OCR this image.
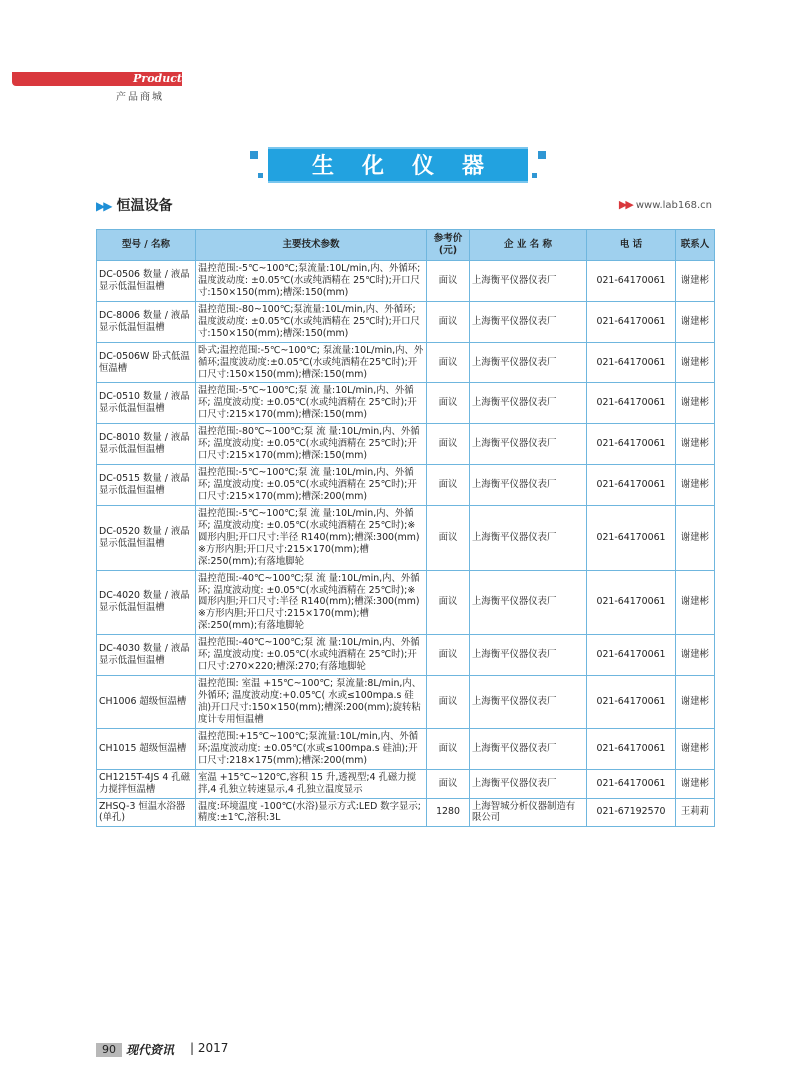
Product Store
产品商城
生化仪器
▶▶ 恒温设备	▶▶ www.lab168.cn
型号 / 名称	主要技术参数	参考价(元)	企 业 名 称	电 话	联系人
DC-0506 数量 / 液晶显示低温恒温槽	温控范围:-5℃~100℃;泵流量:10L/min,内、外循环; 温度波动度: ±0.05℃(水或纯酒精在 25℃时);开口尺寸:150×150(mm);槽深:150(mm)	面议	上海衡平仪器仪表厂	021-64170061	谢建彬
DC-8006 数量 / 液晶显示低温恒温槽	温控范围:-80~100℃;泵流量:10L/min,内、外循环; 温度波动度: ±0.05℃(水或纯酒精在 25℃时);开口尺寸:150×150(mm);槽深:150(mm)	面议	上海衡平仪器仪表厂	021-64170061	谢建彬
DC-0506W 卧式低温恒温槽	卧式;温控范围:-5℃~100℃; 泵流量:10L/min,内、外循环;温度波动度:±0.05℃(水或纯酒精在25℃时);开口尺寸:150×150(mm);槽深:150(mm)	面议	上海衡平仪器仪表厂	021-64170061	谢建彬
DC-0510 数量 / 液晶显示低温恒温槽	温控范围:-5℃~100℃;泵 流 量:10L/min,内、外循环; 温度波动度: ±0.05℃(水或纯酒精在 25℃时);开口尺寸:215×170(mm);槽深:150(mm)	面议	上海衡平仪器仪表厂	021-64170061	谢建彬
DC-8010 数量 / 液晶显示低温恒温槽	温控范围:-80℃~100℃;泵 流 量:10L/min,内、外循环; 温度波动度: ±0.05℃(水或纯酒精在 25℃时);开口尺寸:215×170(mm);槽深:150(mm)	面议	上海衡平仪器仪表厂	021-64170061	谢建彬
DC-0515 数量 / 液晶显示低温恒温槽	温控范围:-5℃~100℃;泵 流 量:10L/min,内、外循环; 温度波动度: ±0.05℃(水或纯酒精在 25℃时);开口尺寸:215×170(mm);槽深:200(mm)	面议	上海衡平仪器仪表厂	021-64170061	谢建彬
DC-0520 数量 / 液晶显示低温恒温槽	温控范围:-5℃~100℃;泵 流 量:10L/min,内、外循环; 温度波动度: ±0.05℃(水或纯酒精在 25℃时);※圆形内胆;开口尺寸:半径 R140(mm);槽深:300(mm)
※方形内胆;开口尺寸:215×170(mm);槽深:250(mm);有落地脚轮	面议	上海衡平仪器仪表厂	021-64170061	谢建彬
DC-4020 数量 / 液晶显示低温恒温槽	温控范围:-40℃~100℃;泵 流 量:10L/min,内、外循环; 温度波动度: ±0.05℃(水或纯酒精在 25℃时);※圆形内胆;开口尺寸:半径 R140(mm);槽深:300(mm)
※方形内胆;开口尺寸:215×170(mm);槽深:250(mm);有落地脚轮	面议	上海衡平仪器仪表厂	021-64170061	谢建彬
DC-4030 数量 / 液晶显示低温恒温槽	温控范围:-40℃~100℃;泵 流 量:10L/min,内、外循环; 温度波动度: ±0.05℃(水或纯酒精在 25℃时);开口尺寸:270×220;槽深:270;有落地脚轮	面议	上海衡平仪器仪表厂	021-64170061	谢建彬
CH1006 超级恒温槽	温控范围: 室温 +15℃~100℃; 泵流量:8L/min,内、外循环; 温度波动度:+0.05℃( 水或≤100mpa.s 硅油)开口尺寸:150×150(mm);槽深:200(mm);旋转粘度计专用恒温槽	面议	上海衡平仪器仪表厂	021-64170061	谢建彬
CH1015 超级恒温槽	温控范围:+15℃~100℃;泵流量:10L/min,内、外循环;温度波动度: ±0.05℃(水或≤100mpa.s 硅油);开口尺寸:218×175(mm);槽深:200(mm)	面议	上海衡平仪器仪表厂	021-64170061	谢建彬
CH1215T-4JS 4 孔磁力搅拌恒温槽	室温 +15℃~120℃,容积 15 升,透视型;4 孔磁力搅拌,4 孔独立转速显示,4 孔独立温度显示	面议	上海衡平仪器仪表厂	021-64170061	谢建彬
ZHSQ-3 恒温水浴器(单孔)	温度:环境温度 -100℃(水浴)显示方式:LED 数字显示;精度:±1℃,溶积:3L	1280	上海智城分析仪器制造有限公司	021-67192570	王莉莉
90 现代资讯 | 2017
